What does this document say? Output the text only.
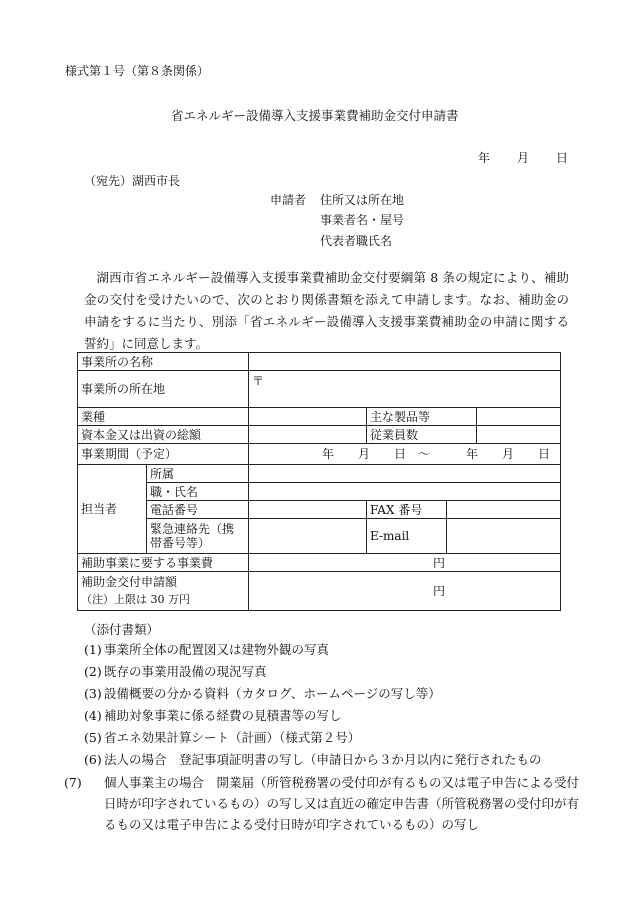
様式第１号（第８条関係）
省エネルギー設備導入支援事業費補助金交付申請書
年 月 日
（宛先）湖西市長
申請者 住所又は所在地
事業者名・屋号
代表者職氏名
湖西市省エネルギー設備導入支援事業費補助金交付要綱第 8 条の規定により、補助金の交付を受けたいので、次のとおり関係書類を添えて申請します。なお、補助金の申請をするに当たり、別添「省エネルギー設備導入支援事業費補助金の申請に関する誓約」に同意します。
事業所の名称					
事業所の所在地		〒			
業種			主な製品等		
資本金又は出資の総額			従業員数		
事業期間（予定）		年　　月　　日　～　　　年　　月　　日			
担当者	所属				
	職・氏名				
	電話番号		FAX 番号		
	緊急連絡先（携帯番号等）		E-mail		
補助事業に要する事業費		円			

補助金交付申請額
（注）上限は 30 万円		円			
（添付書類）
(1) 事業所全体の配置図又は建物外観の写真
(2) 既存の事業用設備の現況写真
(3) 設備概要の分かる資料（カタログ、ホームページの写し等）
(4) 補助対象事業に係る経費の見積書等の写し
(5) 省エネ効果計算シート（計画）（様式第２号）
(6) 法人の場合　登記事項証明書の写し（申請日から３か月以内に発行されたもの
(7) 個人事業主の場合　開業届（所管税務署の受付印が有るもの又は電子申告による受付日時が印字されているもの）の写し又は直近の確定申告書（所管税務署の受付印が有るもの又は電子申告による受付日時が印字されているもの）の写し
